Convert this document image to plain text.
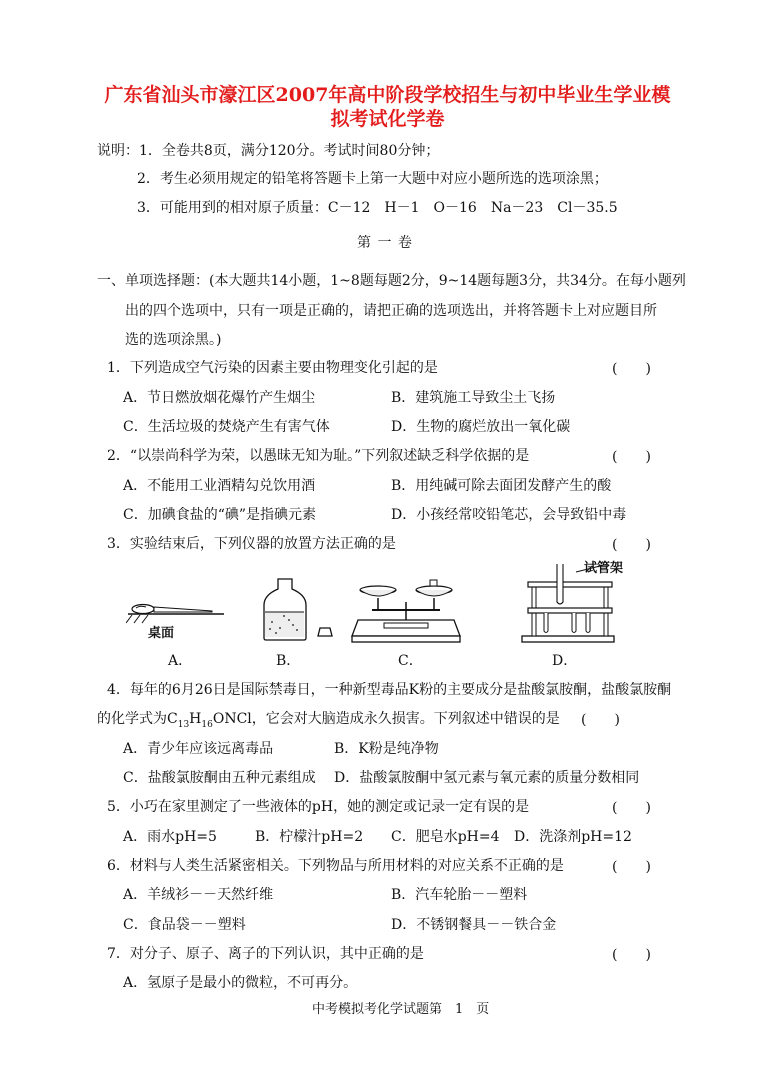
广东省汕头市濠江区2007年高中阶段学校招生与初中毕业生学业模
拟考试化学卷
说明：1．全卷共8页，满分120分。考试时间80分钟；
2．考生必须用规定的铅笔将答题卡上第一大题中对应小题所选的选项涂黑；
3．可能用到的相对原子质量：C－12　H－1　O－16　Na－23　Cl－35.5
第 一 卷
一、单项选择题：(本大题共14小题，1~8题每题2分，9~14题每题3分，共34分。在每小题列
出的四个选项中，只有一项是正确的，请把正确的选项选出，并将答题卡上对应题目所
选的选项涂黑。)
1．下列造成空气污染的因素主要由物理变化引起的是	(　　)
A．节日燃放烟花爆竹产生烟尘	B．建筑施工导致尘土飞扬
C．生活垃圾的焚烧产生有害气体	D．生物的腐烂放出一氧化碳
2．“以崇尚科学为荣，以愚昧无知为耻。”下列叙述缺乏科学依据的是	(　　)
A．不能用工业酒精勾兑饮用酒	B．用纯碱可除去面团发酵产生的酸
C．加碘食盐的“碘”是指碘元素	D．小孩经常咬铅笔芯，会导致铅中毒
3．实验结束后，下列仪器的放置方法正确的是	(　　)
桌面
试管架
A．	B．	C．	D．
4．每年的6月26日是国际禁毒日，一种新型毒品K粉的主要成分是盐酸氯胺酮，盐酸氯胺酮
的化学式为$C_{13}H_{16}ONCl$，它会对大脑造成永久损害。下列叙述中错误的是 (　　)
A．青少年应该远离毒品	B．K粉是纯净物
C．盐酸氯胺酮由五种元素组成 D．盐酸氯胺酮中氢元素与氧元素的质量分数相同
5．小巧在家里测定了一些液体的pH，她的测定或记录一定有误的是	(　　)
A．雨水pH=5	B．柠檬汁pH=2 C．肥皂水pH=4 D．洗涤剂pH=12
6．材料与人类生活紧密相关。下列物品与所用材料的对应关系不正确的是	(　　)
A．羊绒衫－－天然纤维	B．汽车轮胎－－塑料
C．食品袋－－塑料	D．不锈钢餐具－－铁合金
7．对分子、原子、离子的下列认识，其中正确的是	(　　)
A．氢原子是最小的微粒，不可再分。
中考模拟考化学试题第　1　页
